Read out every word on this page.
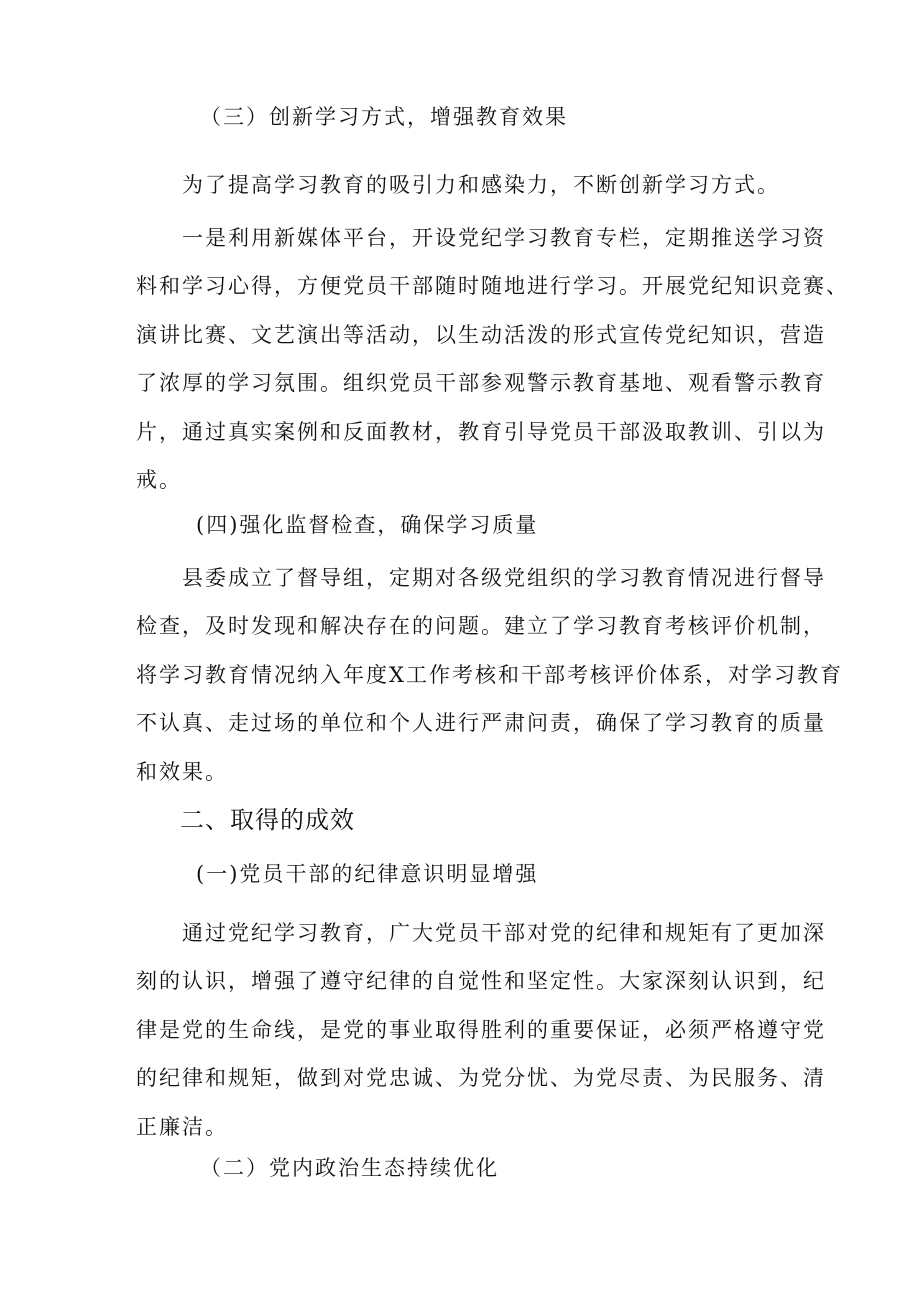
（三）创新学习方式，增强教育效果
为了提高学习教育的吸引力和感染力，不断创新学习方式。
一是利用新媒体平台，开设党纪学习教育专栏，定期推送学习资
料和学习心得，方便党员干部随时随地进行学习。开展党纪知识竞赛、
演讲比赛、文艺演出等活动，以生动活泼的形式宣传党纪知识，营造
了浓厚的学习氛围。组织党员干部参观警示教育基地、观看警示教育
片，通过真实案例和反面教材，教育引导党员干部汲取教训、引以为
戒。
(四)强化监督检查，确保学习质量
县委成立了督导组，定期对各级党组织的学习教育情况进行督导
检查，及时发现和解决存在的问题。建立了学习教育考核评价机制，
将学习教育情况纳入年度X工作考核和干部考核评价体系，对学习教育
不认真、走过场的单位和个人进行严肃问责，确保了学习教育的质量
和效果。
二、取得的成效
(一)党员干部的纪律意识明显增强
通过党纪学习教育，广大党员干部对党的纪律和规矩有了更加深
刻的认识，增强了遵守纪律的自觉性和坚定性。大家深刻认识到，纪
律是党的生命线，是党的事业取得胜利的重要保证，必须严格遵守党
的纪律和规矩，做到对党忠诚、为党分忧、为党尽责、为民服务、清
正廉洁。
（二）党内政治生态持续优化
